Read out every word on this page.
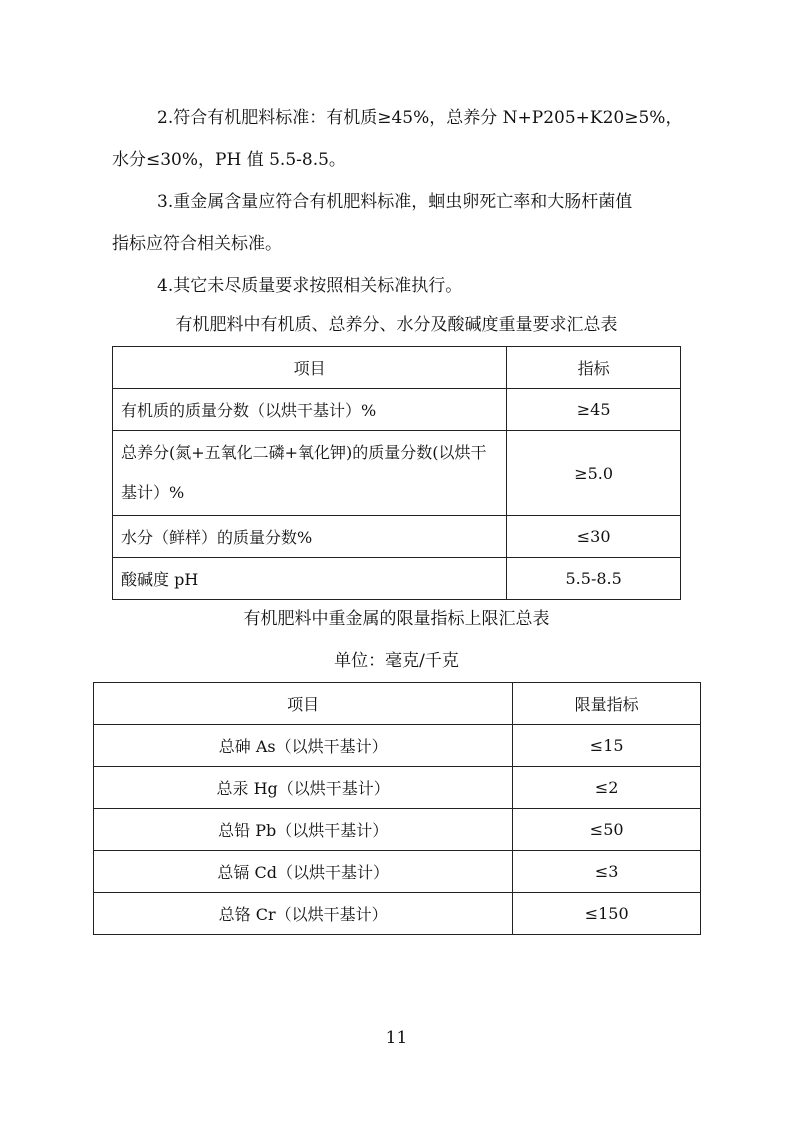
2.符合有机肥料标准：有机质≥45%，总养分 N+P205+K20≥5%，
水分≤30%，PH 值 5.5-8.5。
3.重金属含量应符合有机肥料标准，蛔虫卵死亡率和大肠杆菌值
指标应符合相关标准。
4.其它未尽质量要求按照相关标准执行。
有机肥料中有机质、总养分、水分及酸碱度重量要求汇总表
项目	指标
有机质的质量分数（以烘干基计）%	≥45
总养分(氮+五氧化二磷+氧化钾)的质量分数(以烘干基计）%	≥5.0
水分（鲜样）的质量分数%	≤30
酸碱度 pH	5.5-8.5
有机肥料中重金属的限量指标上限汇总表
单位：毫克/千克
项目	限量指标
总砷 As（以烘干基计）	≤15
总汞 Hg（以烘干基计）	≤2
总铅 Pb（以烘干基计）	≤50
总镉 Cd（以烘干基计）	≤3
总铬 Cr（以烘干基计）	≤150
11
